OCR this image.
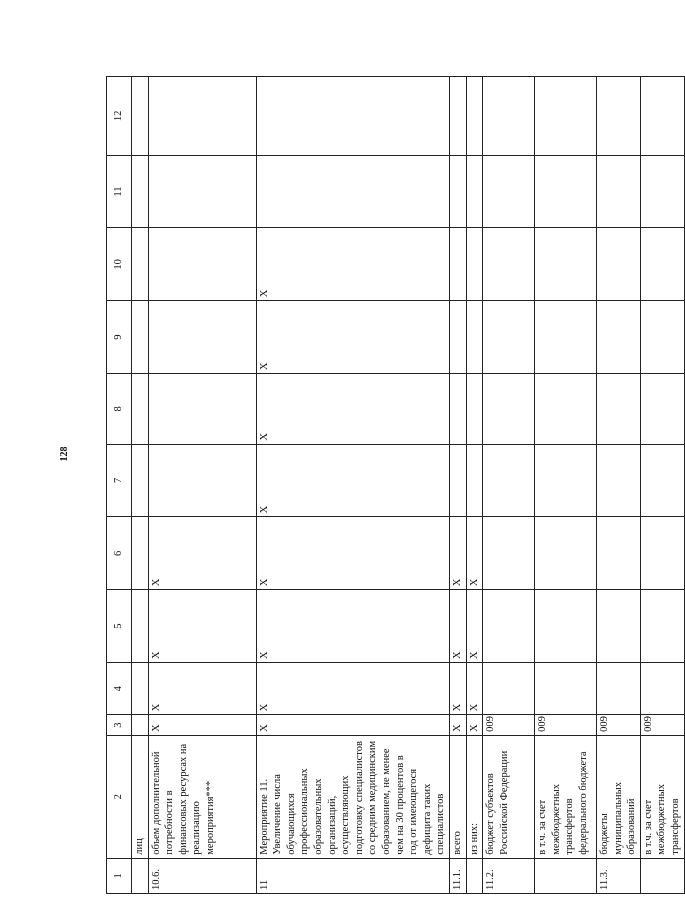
128
1	2	3	4	5	6	7	8	9	10	11	12
	лиц										
10.6.	объем дополнительной потребности в финансовых ресурсах на реализацию мероприятия***	X	X	X	X						
11	Мероприятие 11. Увеличение числа обучающихся профессиональных образовательных организаций, осуществляющих подготовку специалистов со средним медицинским образованием, не менее чем на 30 процентов в год от имеющегося дефицита таких специалистов	X	X	X	X	X	X	X	X		
11.1.	всего	X	X	X	X						
	из них:	X	X	X	X						
11.2.	бюджет субъектов Российской Федерации	009									
	в т.ч. за счет межбюджетных трансфертов федерального бюджета	009									
11.3.	бюджеты муниципальных образований	009									
	в т.ч. за счет межбюджетных трансфертов	009									
